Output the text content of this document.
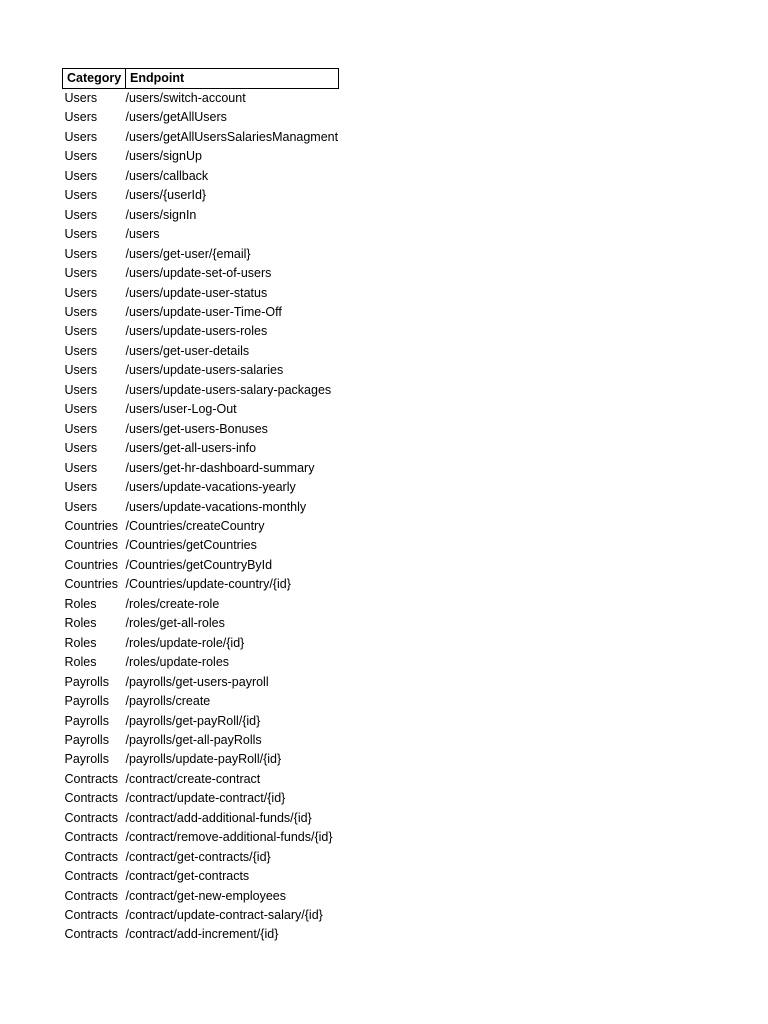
Category	Endpoint
Users	/users/switch-account
Users	/users/getAllUsers
Users	/users/getAllUsersSalariesManagment
Users	/users/signUp
Users	/users/callback
Users	/users/{userId}
Users	/users/signIn
Users	/users
Users	/users/get-user/{email}
Users	/users/update-set-of-users
Users	/users/update-user-status
Users	/users/update-user-Time-Off
Users	/users/update-users-roles
Users	/users/get-user-details
Users	/users/update-users-salaries
Users	/users/update-users-salary-packages
Users	/users/user-Log-Out
Users	/users/get-users-Bonuses
Users	/users/get-all-users-info
Users	/users/get-hr-dashboard-summary
Users	/users/update-vacations-yearly
Users	/users/update-vacations-monthly
Countries	/Countries/createCountry
Countries	/Countries/getCountries
Countries	/Countries/getCountryById
Countries	/Countries/update-country/{id}
Roles	/roles/create-role
Roles	/roles/get-all-roles
Roles	/roles/update-role/{id}
Roles	/roles/update-roles
Payrolls	/payrolls/get-users-payroll
Payrolls	/payrolls/create
Payrolls	/payrolls/get-payRoll/{id}
Payrolls	/payrolls/get-all-payRolls
Payrolls	/payrolls/update-payRoll/{id}
Contracts	/contract/create-contract
Contracts	/contract/update-contract/{id}
Contracts	/contract/add-additional-funds/{id}
Contracts	/contract/remove-additional-funds/{id}
Contracts	/contract/get-contracts/{id}
Contracts	/contract/get-contracts
Contracts	/contract/get-new-employees
Contracts	/contract/update-contract-salary/{id}
Contracts	/contract/add-increment/{id}
